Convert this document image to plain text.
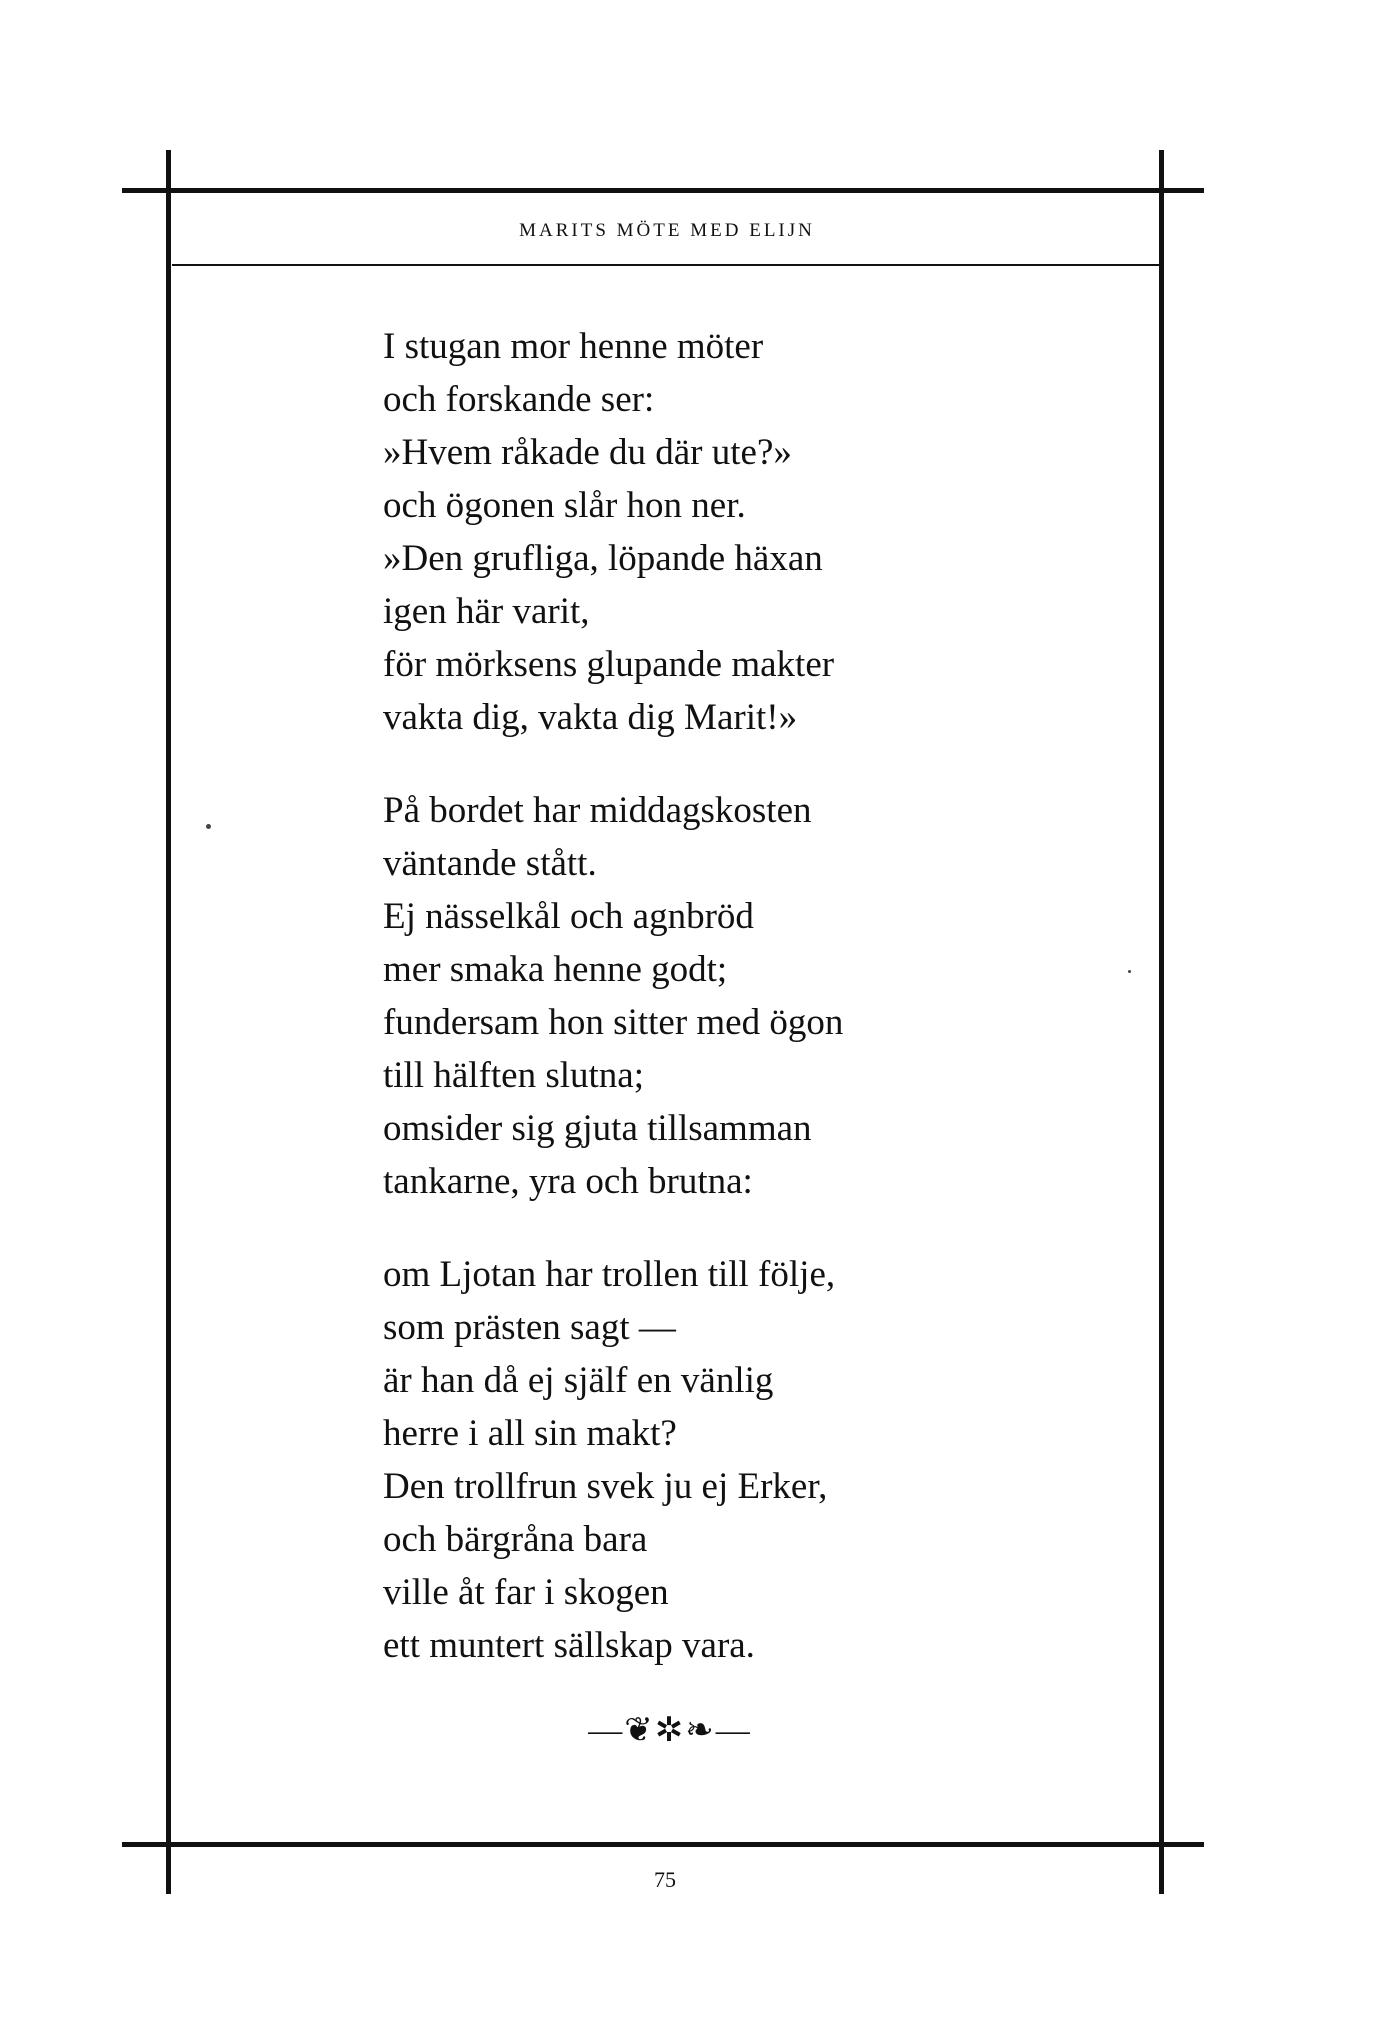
MARITS MÖTE MED ELIJN
I stugan mor henne möter
och forskande ser:
»Hvem råkade du där ute?»
och ögonen slår hon ner.
»Den grufliga, löpande häxan
igen här varit,
för mörksens glupande makter
vakta dig, vakta dig Marit!»
På bordet har middagskosten
väntande stått.
Ej nässelkål och agnbröd
mer smaka henne godt;
fundersam hon sitter med ögon
till hälften slutna;
omsider sig gjuta tillsamman
tankarne, yra och brutna:
om Ljotan har trollen till följe,
som prästen sagt —
är han då ej själf en vänlig
herre i all sin makt?
Den trollfrun svek ju ej Erker,
och bärgråna bara
ville åt far i skogen
ett muntert sällskap vara.
—❦✲❧—
75
